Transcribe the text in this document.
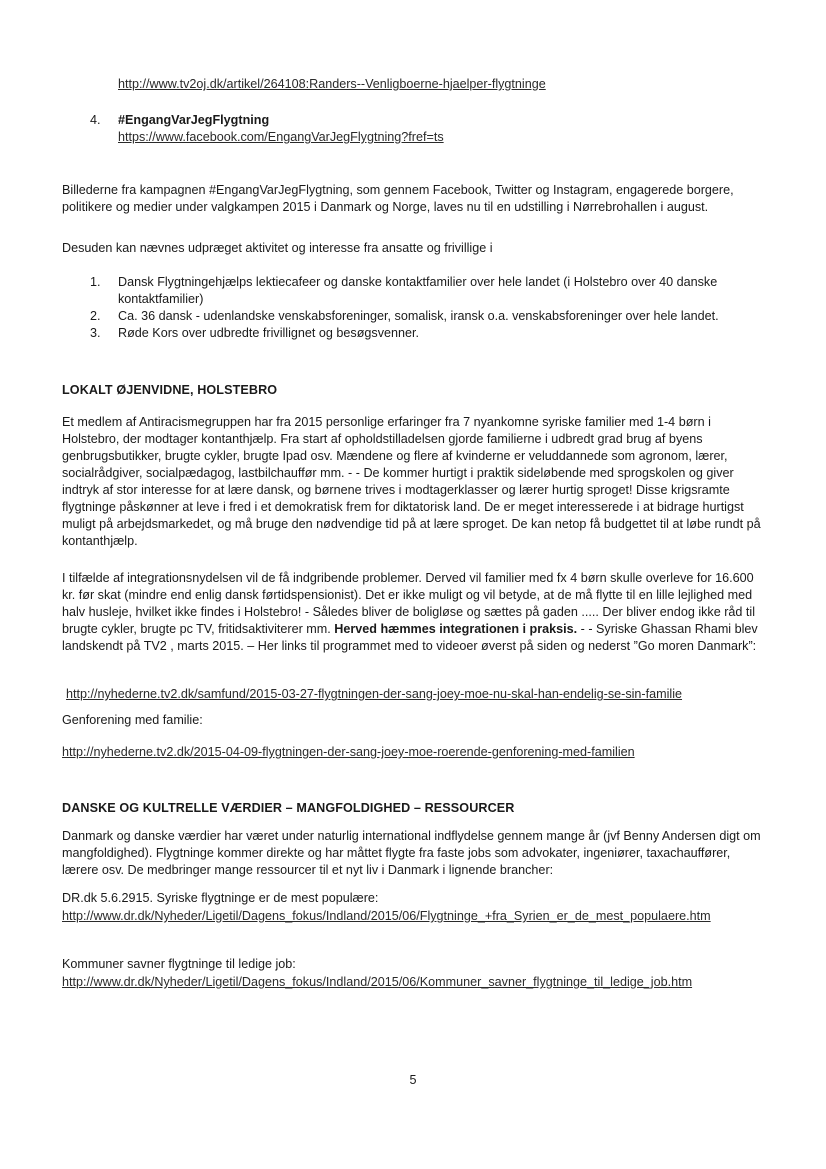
http://www.tv2oj.dk/artikel/264108:Randers--Venligboerne-hjaelper-flygtninge
4. #EngangVarJegFlygtning
https://www.facebook.com/EngangVarJegFlygtning?fref=ts

Billederne fra kampagnen #EngangVarJegFlygtning, som gennem Facebook, Twitter og Instagram, engagerede borgere, politikere og medier under valgkampen 2015 i Danmark og Norge, laves nu til en udstilling i Nørrebrohallen i august.

Desuden kan nævnes udpræget aktivitet og interesse fra ansatte og frivillige i

1.	Dansk Flygtningehjælps lektiecafeer og danske kontaktfamilier over hele landet (i Holstebro over 40 danske kontaktfamilier)
2.	Ca. 36 dansk - udenlandske venskabsforeninger, somalisk, iransk o.a. venskabsforeninger over hele landet.
3.	Røde Kors over udbredte frivillignet og besøgsvenner.
LOKALT ØJENVIDNE, HOLSTEBRO

Et medlem af Antiracismegruppen har fra 2015 personlige erfaringer fra 7 nyankomne syriske familier med 1-4 børn i Holstebro, der modtager kontanthjælp. Fra start af opholdstilladelsen gjorde familierne i udbredt grad brug af byens genbrugsbutikker, brugte cykler, brugte Ipad osv. Mændene og flere af kvinderne er veluddannede som agronom, lærer, socialrådgiver, socialpædagog, lastbilchauffør mm. - - De kommer hurtigt i praktik sideløbende med sprogskolen og giver indtryk af stor interesse for at lære dansk, og børnene trives i modtagerklasser og lærer hurtig sproget! Disse krigsramte flygtninge påskønner at leve i fred i et demokratisk frem for diktatorisk land. De er meget interesserede i at bidrage hurtigst muligt på arbejdsmarkedet, og må bruge den nødvendige tid på at lære sproget. De kan netop få budgettet til at løbe rundt på kontanthjælp.

I tilfælde af integrationsnydelsen vil de få indgribende problemer. Derved vil familier med fx 4 børn skulle overleve for 16.600 kr. før skat (mindre end enlig dansk førtidspensionist). Det er ikke muligt og vil betyde, at de må flytte til en lille lejlighed med halv husleje, hvilket ikke findes i Holstebro! - Således bliver de boligløse og sættes på gaden ..... Der bliver endog ikke råd til brugte cykler, brugte pc TV, fritidsaktiviterer mm. Herved hæmmes integrationen i praksis. - - Syriske Ghassan Rhami blev landskendt på TV2 , marts 2015. – Her links til programmet med to videoer øverst på siden og nederst ”Go moren Danmark”:

http://nyhederne.tv2.dk/samfund/2015-03-27-flygtningen-der-sang-joey-moe-nu-skal-han-endelig-se-sin-familie

Genforening med familie:

http://nyhederne.tv2.dk/2015-04-09-flygtningen-der-sang-joey-moe-roerende-genforening-med-familien
DANSKE OG KULTRELLE VÆRDIER – MANGFOLDIGHED – RESSOURCER

Danmark og danske værdier har været under naturlig international indflydelse gennem mange år (jvf Benny Andersen digt om mangfoldighed). Flygtninge kommer direkte og har måttet flygte fra faste jobs som advokater, ingeniører, taxachauffører, lærere osv. De medbringer mange ressourcer til et nyt liv i Danmark i lignende brancher:

DR.dk 5.6.2915. Syriske flygtninge er de mest populære:

http://www.dr.dk/Nyheder/Ligetil/Dagens_fokus/Indland/2015/06/Flygtninge_+fra_Syrien_er_de_mest_populaere.htm

Kommuner savner flygtninge til ledige job:

http://www.dr.dk/Nyheder/Ligetil/Dagens_fokus/Indland/2015/06/Kommuner_savner_flygtninge_til_ledige_job.htm
5
